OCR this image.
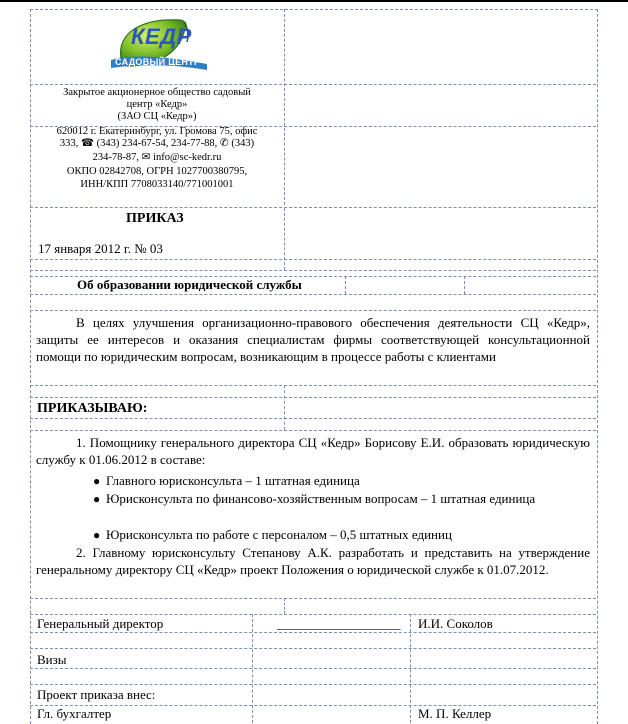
КЕДР
САДОВЫЙ ЦЕНТР
Закрытое акционерное общество садовый
центр «Кедр»
(ЗАО СЦ «Кедр»)
620012 г. Екатеринбург, ул. Громова 75, офис
333, ☎ (343) 234-67-54, 234-77-88, ✆ (343)
234-78-87, ✉ info@sc-kedr.ru
ОКПО 02842708, ОГРН 1027700380795,
ИНН/КПП 7708033140/771001001
ПРИКАЗ
17 января 2012 г. № 03
Об образовании юридической службы
В целях улучшения организационно-правового обеспечения деятельности СЦ «Кедр», защиты ее интересов и оказания специалистам фирмы соответствующей консультационной помощи по юридическим вопросам, возникающим в процессе работы с клиентами
ПРИКАЗЫВАЮ:
1. Помощнику генерального директора СЦ «Кедр» Борисову Е.И. образовать юридическую службу к 01.06.2012 в составе:
● Главного юрисконсульта – 1 штатная единица
● Юрисконсульта по финансово-хозяйственным вопросам – 1 штатная единица
● Юрисконсульта по работе с персоналом – 0,5 штатных единиц
2. Главному юрисконсульту Степанову А.К. разработать и представить на утверждение генеральному директору СЦ «Кедр» проект Положения о юридической службе к 01.07.2012.
Генеральный директор	___________________ И.И. Соколов
Визы
Проект приказа внес:
Гл. бухгалтер	М. П. Келлер
